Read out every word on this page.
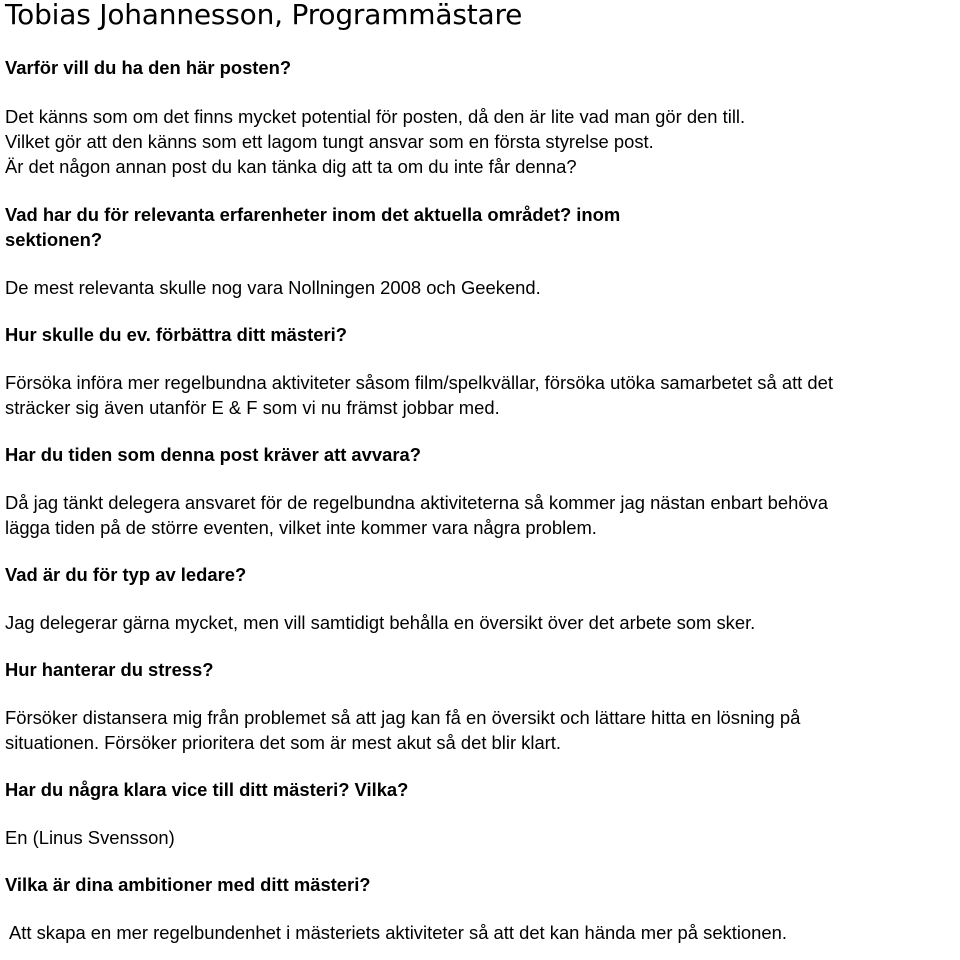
Tobias Johannesson, Programmästare

Varför vill du ha den här posten?

Det känns som om det finns mycket potential för posten, då den är lite vad man gör den till.

Vilket gör att den känns som ett lagom tungt ansvar som en första styrelse post.

Är det någon annan post du kan tänka dig att ta om du inte får denna?

Vad har du för relevanta erfarenheter inom det aktuella området? inom

sektionen?

De mest relevanta skulle nog vara Nollningen 2008 och Geekend.

Hur skulle du ev. förbättra ditt mästeri?

Försöka införa mer regelbundna aktiviteter såsom film/spelkvällar, försöka utöka samarbetet så att det

sträcker sig även utanför E & F som vi nu främst jobbar med.

Har du tiden som denna post kräver att avvara?

Då jag tänkt delegera ansvaret för de regelbundna aktiviteterna så kommer jag nästan enbart behöva

lägga tiden på de större eventen, vilket inte kommer vara några problem.

Vad är du för typ av ledare?

Jag delegerar gärna mycket, men vill samtidigt behålla en översikt över det arbete som sker.

Hur hanterar du stress?

Försöker distansera mig från problemet så att jag kan få en översikt och lättare hitta en lösning på

situationen. Försöker prioritera det som är mest akut så det blir klart.

Har du några klara vice till ditt mästeri? Vilka?

En (Linus Svensson)

Vilka är dina ambitioner med ditt mästeri?

Att skapa en mer regelbundenhet i mästeriets aktiviteter så att det kan hända mer på sektionen.
